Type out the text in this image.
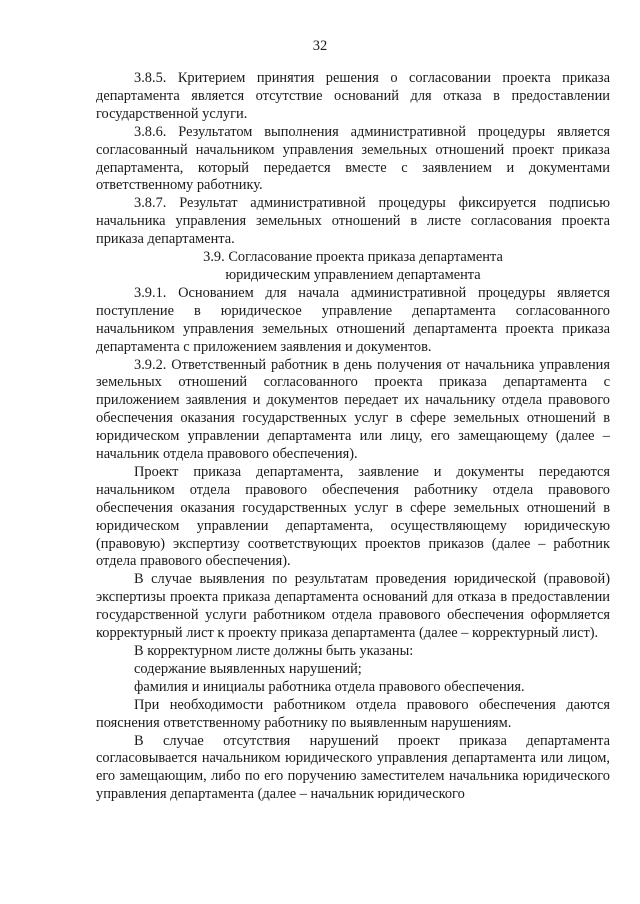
32

3.8.5. Критерием принятия решения о согласовании проекта приказа департамента является отсутствие оснований для отказа в предоставлении государственной услуги.

3.8.6. Результатом выполнения административной процедуры является согласованный начальником управления земельных отношений проект приказа департамента, который передается вместе с заявлением и документами ответственному работнику.

3.8.7. Результат административной процедуры фиксируется подписью начальника управления земельных отношений в листе согласования проекта приказа департамента.

3.9. Согласование проекта приказа департамента
юридическим управлением департамента

3.9.1. Основанием для начала административной процедуры является поступление в юридическое управление департамента согласованного начальником управления земельных отношений департамента проекта приказа департамента с приложением заявления и документов.

3.9.2. Ответственный работник в день получения от начальника управления земельных отношений согласованного проекта приказа департамента с приложением заявления и документов передает их начальнику отдела правового обеспечения оказания государственных услуг в сфере земельных отношений в юридическом управлении департамента или лицу, его замещающему (далее – начальник отдела правового обеспечения).

Проект приказа департамента, заявление и документы передаются начальником отдела правового обеспечения работнику отдела правового обеспечения оказания государственных услуг в сфере земельных отношений в юридическом управлении департамента, осуществляющему юридическую (правовую) экспертизу соответствующих проектов приказов (далее – работник отдела правового обеспечения).

В случае выявления по результатам проведения юридической (правовой) экспертизы проекта приказа департамента оснований для отказа в предоставлении государственной услуги работником отдела правового обеспечения оформляется корректурный лист к проекту приказа департамента (далее – корректурный лист).

В корректурном листе должны быть указаны:

содержание выявленных нарушений;

фамилия и инициалы работника отдела правового обеспечения.

При необходимости работником отдела правового обеспечения даются пояснения ответственному работнику по выявленным нарушениям.

В случае отсутствия нарушений проект приказа департамента согласовывается начальником юридического управления департамента или лицом, его замещающим, либо по его поручению заместителем начальника юридического управления департамента (далее – начальник юридического
